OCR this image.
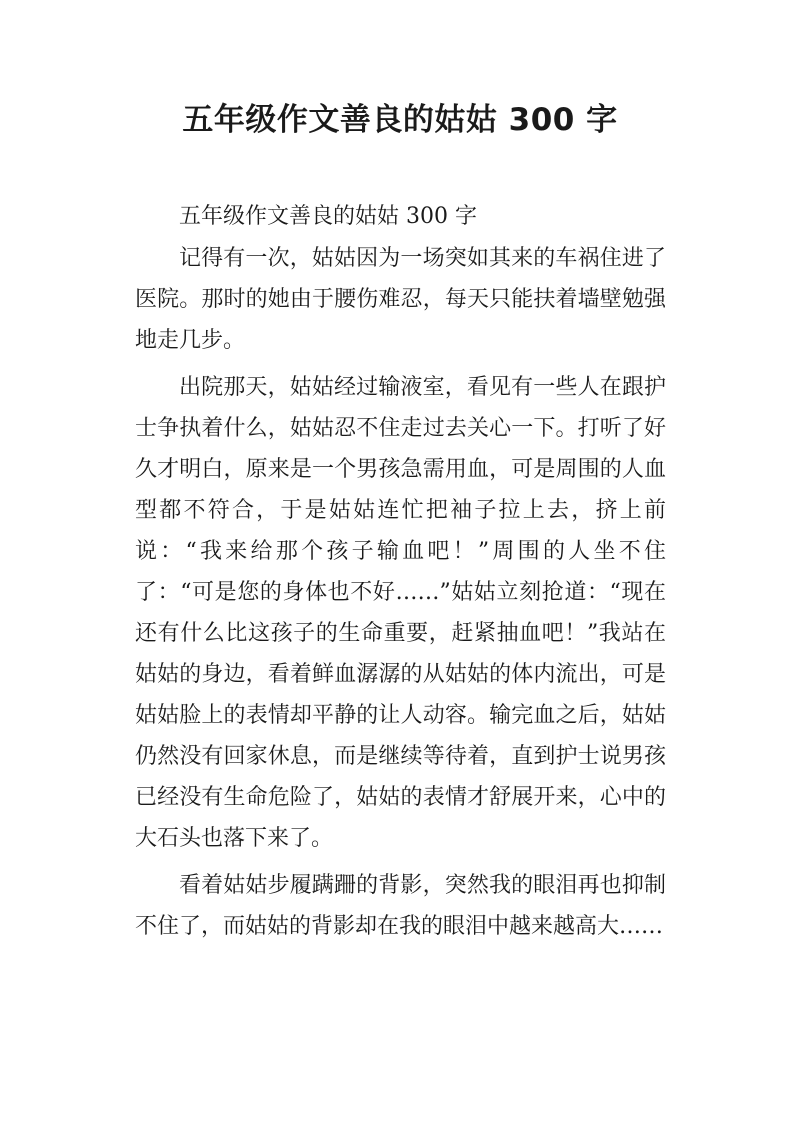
五年级作文善良的姑姑 300 字

五年级作文善良的姑姑 300 字

记得有一次，姑姑因为一场突如其来的车祸住进了医院。那时的她由于腰伤难忍，每天只能扶着墙壁勉强地走几步。

出院那天，姑姑经过输液室，看见有一些人在跟护士争执着什么，姑姑忍不住走过去关心一下。打听了好久才明白，原来是一个男孩急需用血，可是周围的人血型都不符合，于是姑姑连忙把袖子拉上去，挤上前说：“我来给那个孩子输血吧！”周围的人坐不住了：“可是您的身体也不好……”姑姑立刻抢道：“现在还有什么比这孩子的生命重要，赶紧抽血吧！”我站在姑姑的身边，看着鲜血潺潺的从姑姑的体内流出，可是姑姑脸上的表情却平静的让人动容。输完血之后，姑姑仍然没有回家休息，而是继续等待着，直到护士说男孩已经没有生命危险了，姑姑的表情才舒展开来，心中的大石头也落下来了。

看着姑姑步履蹒跚的背影，突然我的眼泪再也抑制不住了，而姑姑的背影却在我的眼泪中越来越高大……
